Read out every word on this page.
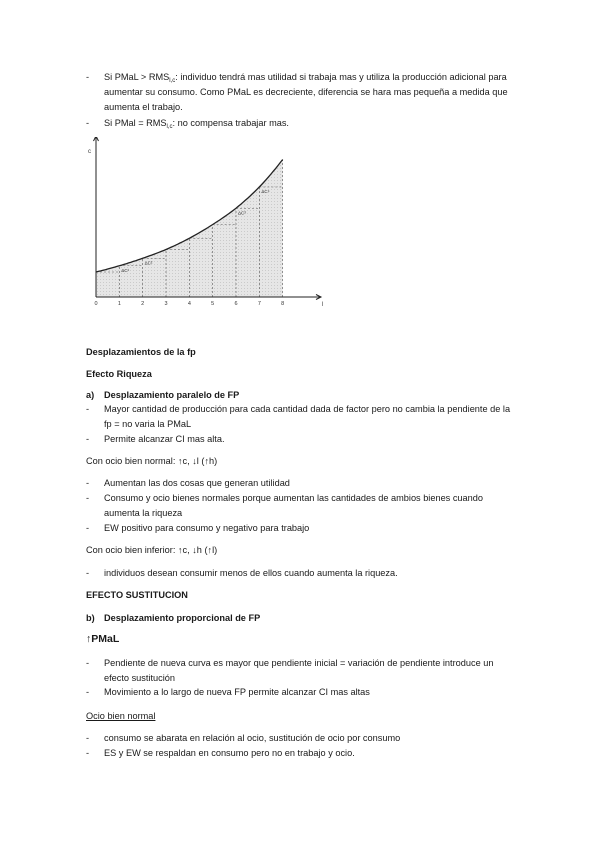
-	Si PMaL > $RMS_{l,c}$: individuo tendrá mas utilidad si trabaja mas y utiliza la producción adicional para aumentar su consumo. Como PMaL es decreciente, diferencia se hara mas pequeña a medida que aumenta el trabajo.
-	Si PMal = $RMS_{l,c}$: no compensa trabajar mas.
c
l
0	1	2	3	4	5	6	7	8
ΔC¹
ΔC²
ΔC³
ΔC⁴
Desplazamientos de la fp
Efecto Riqueza
a) Desplazamiento paralelo de FP
-	Mayor cantidad de producción para cada cantidad dada de factor pero no cambia la pendiente de la fp = no varia la PMaL
-	Permite alcanzar CI mas alta.
Con ocio bien normal: ↑c, ↓l (↑h)
-	Aumentan las dos cosas que generan utilidad
-	Consumo y ocio bienes normales porque aumentan las cantidades de ambios bienes cuando aumenta la riqueza
-	EW positivo para consumo y negativo para trabajo
Con ocio bien inferior: ↑c, ↓h (↑l)
-	individuos desean consumir menos de ellos cuando aumenta la riqueza.
EFECTO SUSTITUCION
b) Desplazamiento proporcional de FP
↑PMaL
-	Pendiente de nueva curva es mayor que pendiente inicial = variación de pendiente introduce un efecto sustitución
-	Movimiento a lo largo de nueva FP permite alcanzar CI mas altas
Ocio bien normal
-	consumo se abarata en relación al ocio, sustitución de ocio por consumo
-	ES y EW se respaldan en consumo pero no en trabajo y ocio.
